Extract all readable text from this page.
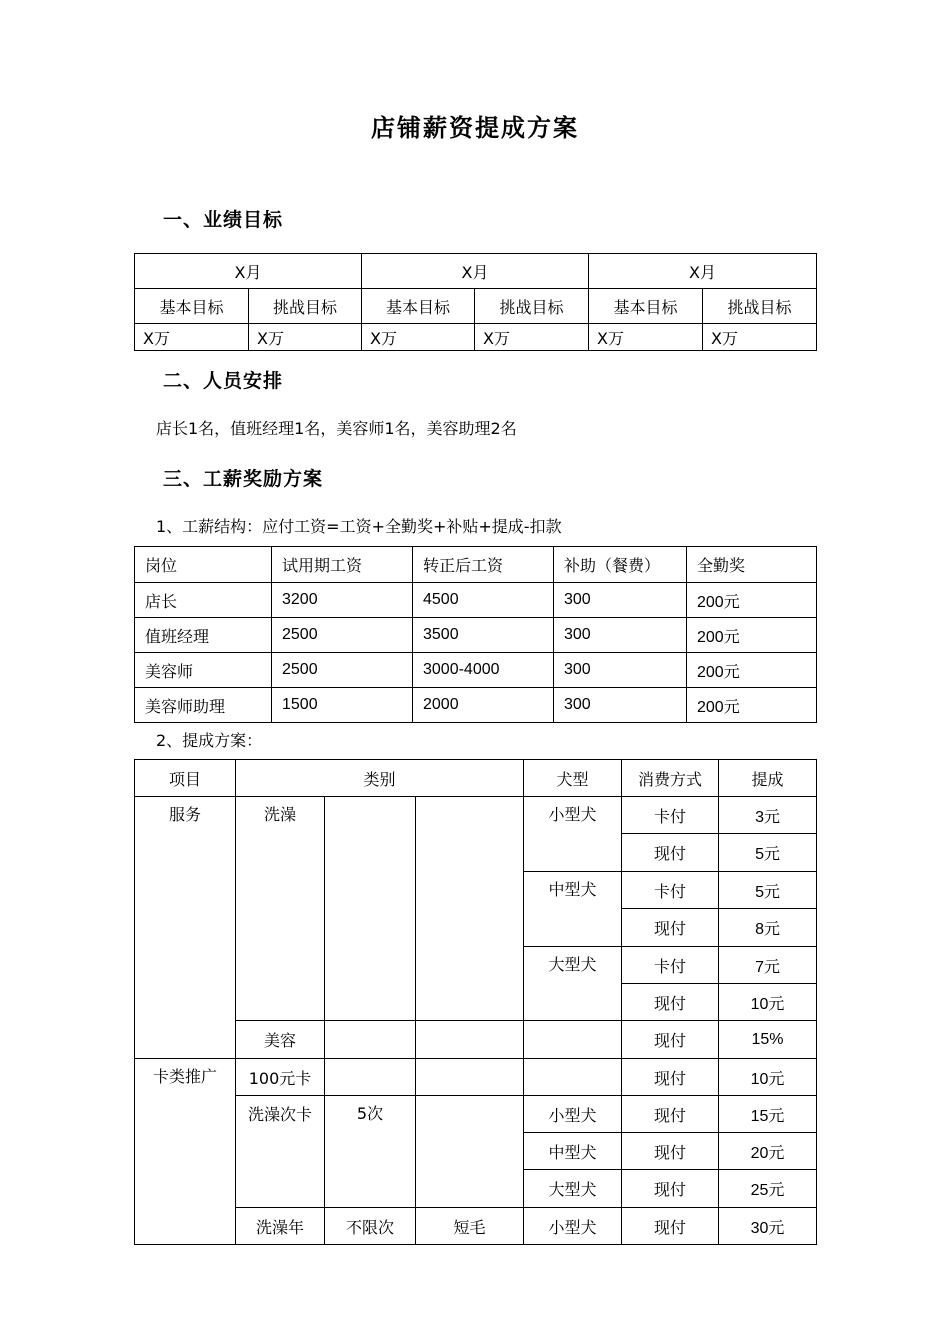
店铺薪资提成方案
一、业绩目标
X月		X月		X月	
基本目标	挑战目标	基本目标	挑战目标	基本目标	挑战目标
X万	X万	X万	X万	X万	X万
二、人员安排
店长1名，值班经理1名，美容师1名，美容助理2名
三、工薪奖励方案
1、工薪结构：应付工资=工资+全勤奖+补贴+提成-扣款
岗位	试用期工资	转正后工资	补助（餐费）	全勤奖
店长	3200	4500	300	200元
值班经理	2500	3500	300	200元
美容师	2500	3000-4000	300	200元
美容师助理	1500	2000	300	200元
2、提成方案：
项目	类别			犬型	消费方式	提成
服务	洗澡			小型犬	卡付	3元
					现付	5元
				中型犬	卡付	5元
					现付	8元
				大型犬	卡付	7元
					现付	10元
	美容				现付	15%
卡类推广	100元卡				现付	10元
	洗澡次卡	5次		小型犬	现付	15元
				中型犬	现付	20元
				大型犬	现付	25元
	洗澡年	不限次	短毛	小型犬	现付	30元
